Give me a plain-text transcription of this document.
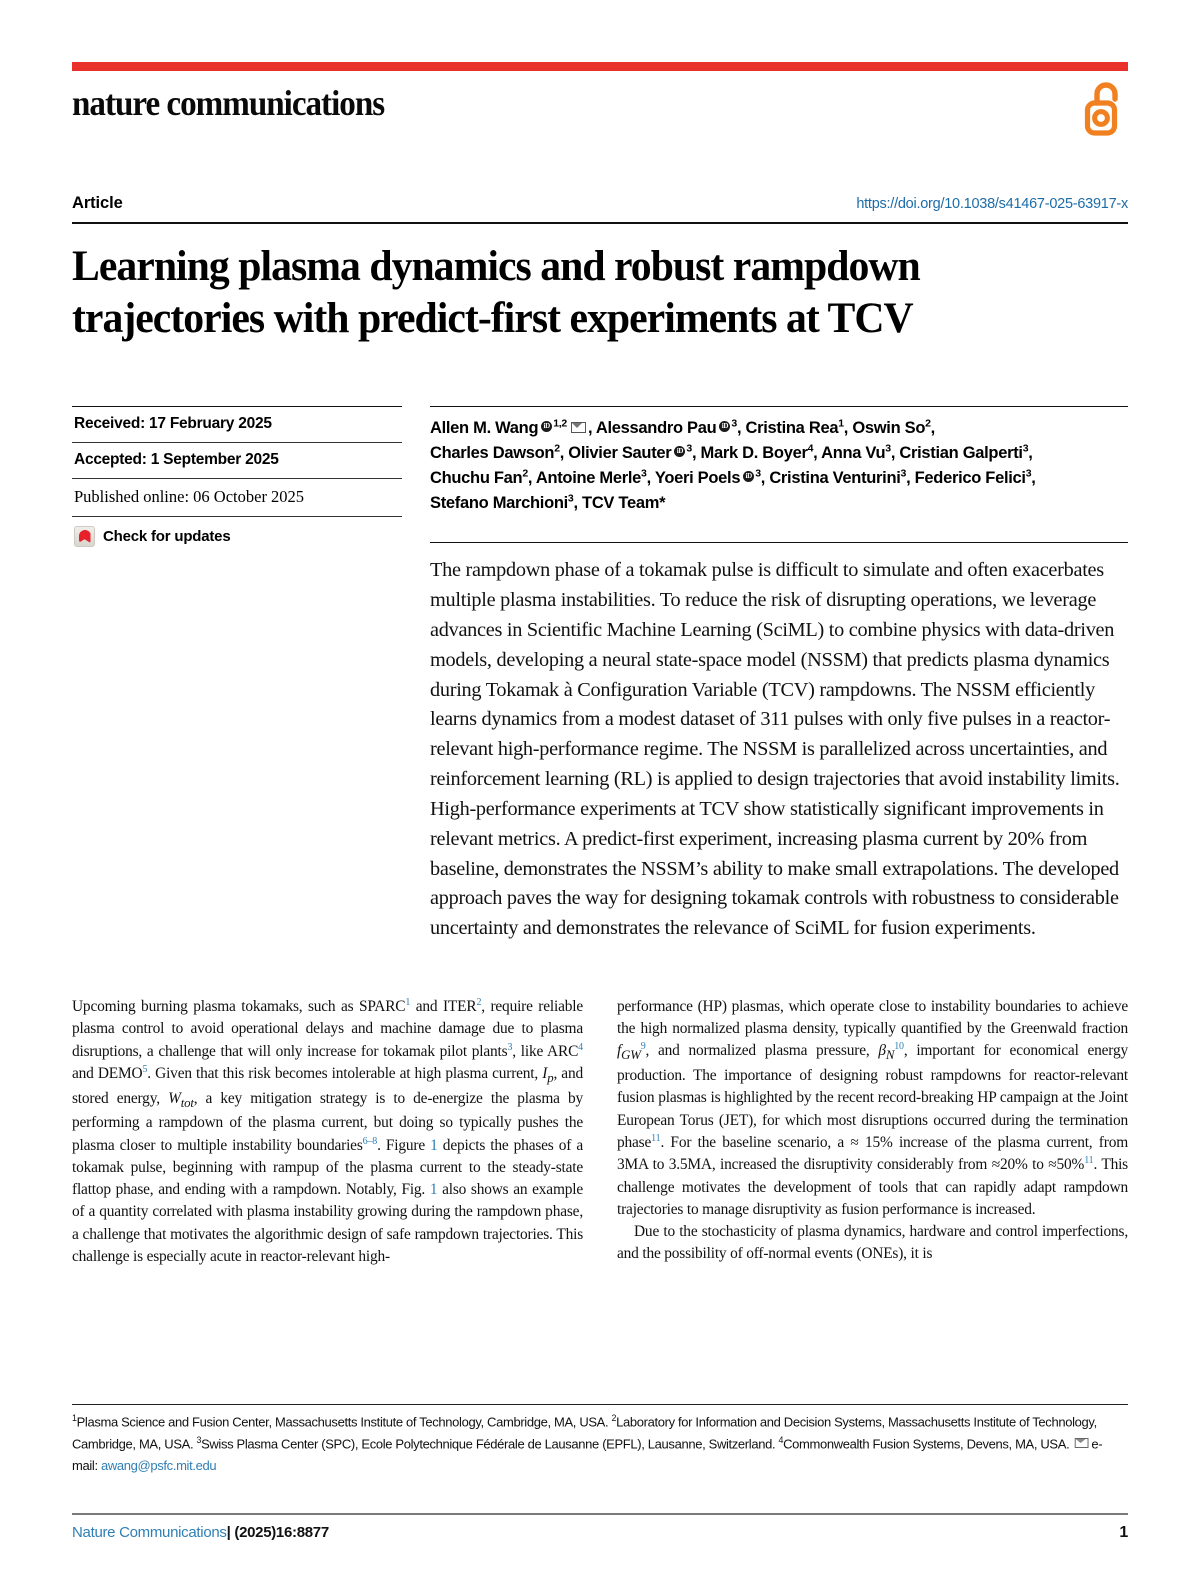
nature communications
Article	https://doi.org/10.1038/s41467-025-63917-x
Learning plasma dynamics and robust rampdown trajectories with predict-first experiments at TCV
Received: 17 February 2025
Accepted: 1 September 2025
Published online: 06 October 2025
Check for updates
Allen M. Wang iD $^{1,2}$ , Alessandro Pau iD $^3$, Cristina Rea$^1$, Oswin So$^2$,
Charles Dawson$^2$, Olivier Sauter iD $^3$, Mark D. Boyer$^4$, Anna Vu$^3$, Cristian Galperti$^3$,
Chuchu Fan$^2$, Antoine Merle$^3$, Yoeri Poels iD $^3$, Cristina Venturini$^3$, Federico Felici$^3$,
Stefano Marchioni$^3$, TCV Team*
The rampdown phase of a tokamak pulse is difficult to simulate and often exacerbates multiple plasma instabilities. To reduce the risk of disrupting operations, we leverage advances in Scientific Machine Learning (SciML) to combine physics with data-driven models, developing a neural state-space model (NSSM) that predicts plasma dynamics during Tokamak à Configuration Variable (TCV) rampdowns. The NSSM efficiently learns dynamics from a modest dataset of 311 pulses with only five pulses in a reactor-relevant high-performance regime. The NSSM is parallelized across uncertainties, and reinforcement learning (RL) is applied to design trajectories that avoid instability limits. High-performance experiments at TCV show statistically significant improvements in relevant metrics. A predict-first experiment, increasing plasma current by 20% from baseline, demonstrates the NSSM’s ability to make small extrapolations. The developed approach paves the way for designing tokamak controls with robustness to considerable uncertainty and demonstrates the relevance of SciML for fusion experiments.

Upcoming burning plasma tokamaks, such as SPARC$^1$ and ITER$^2$, require reliable plasma control to avoid operational delays and machine damage due to plasma disruptions, a challenge that will only increase for tokamak pilot plants$^3$, like ARC$^4$ and DEMO$^5$. Given that this risk becomes intolerable at high plasma current, $I_p$, and stored energy, $W_{tot}$, a key mitigation strategy is to de-energize the plasma by performing a rampdown of the plasma current, but doing so typically pushes the plasma closer to multiple instability boundaries$^{6-8}$. Figure 1 depicts the phases of a tokamak pulse, beginning with rampup of the plasma current to the steady-state flattop phase, and ending with a rampdown. Notably, Fig. 1 also shows an example of a quantity correlated with plasma instability growing during the rampdown phase, a challenge that motivates the algorithmic design of safe rampdown trajectories. This challenge is especially acute in reactor-relevant high-

performance (HP) plasmas, which operate close to instability boundaries to achieve the high normalized plasma density, typically quantified by the Greenwald fraction $f_{GW}^9$, and normalized plasma pressure, $\beta_N^{10}$, important for economical energy production. The importance of designing robust rampdowns for reactor-relevant fusion plasmas is highlighted by the recent record-breaking HP campaign at the Joint European Torus (JET), for which most disruptions occurred during the termination phase$^{11}$. For the baseline scenario, a ≈ 15% increase of the plasma current, from 3MA to 3.5MA, increased the disruptivity considerably from ≈20% to ≈50%$^{11}$. This challenge motivates the development of tools that can rapidly adapt rampdown trajectories to manage disruptivity as fusion performance is increased.

Due to the stochasticity of plasma dynamics, hardware and control imperfections, and the possibility of off-normal events (ONEs), it is

$^1$Plasma Science and Fusion Center, Massachusetts Institute of Technology, Cambridge, MA, USA. $^2$Laboratory for Information and Decision Systems, Massachusetts Institute of Technology, Cambridge, MA, USA. $^3$Swiss Plasma Center (SPC), Ecole Polytechnique Fédérale de Lausanne (EPFL), Lausanne, Switzerland. $^4$Commonwealth Fusion Systems, Devens, MA, USA. e-mail: awang@psfc.mit.edu
Nature Communications| (2025)16:8877	1
